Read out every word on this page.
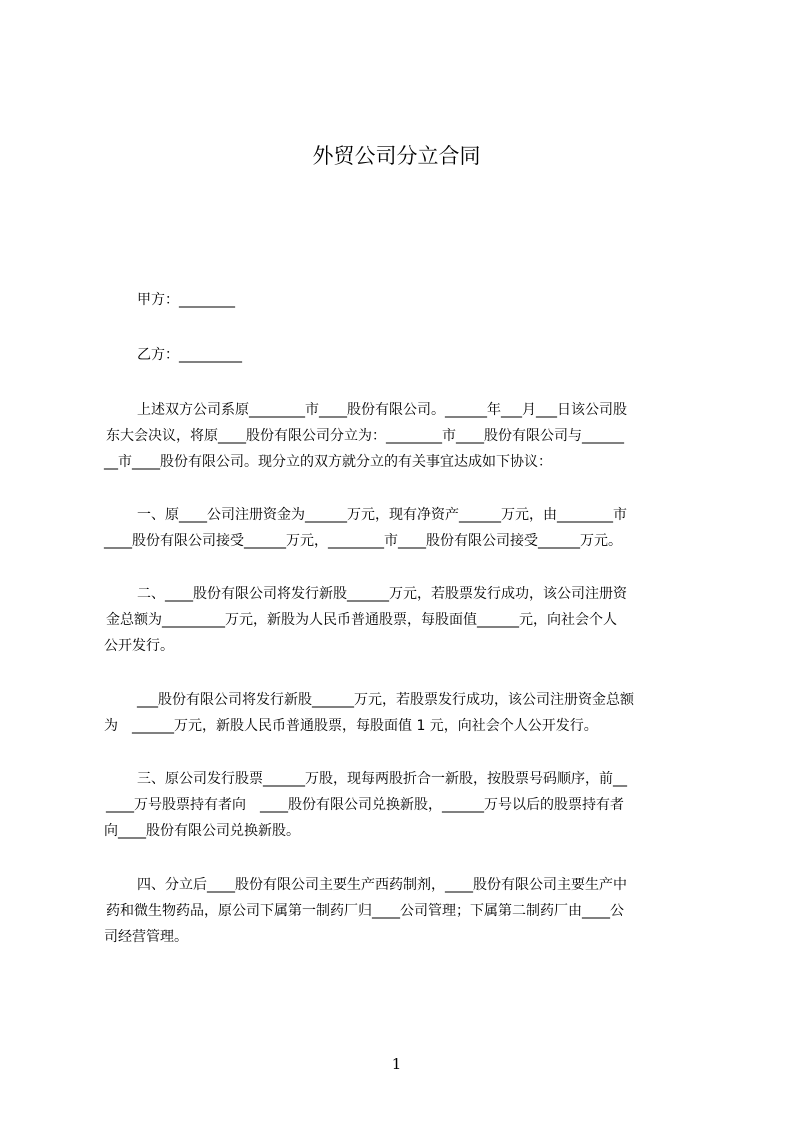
外贸公司分立合同
甲方：________
乙方：_________
上述双方公司系原________市____股份有限公司。______年___月___日该公司股
东大会决议，将原____股份有限公司分立为：________市____股份有限公司与______
__市____股份有限公司。现分立的双方就分立的有关事宜达成如下协议：
一、原____公司注册资金为______万元，现有净资产______万元，由________市
____股份有限公司接受______万元，________市____股份有限公司接受______万元。
二、____股份有限公司将发行新股______万元，若股票发行成功，该公司注册资
金总额为_________万元，新股为人民币普通股票，每股面值______元，向社会个人
公开发行。
___股份有限公司将发行新股______万元，若股票发行成功，该公司注册资金总额
为　______万元，新股人民币普通股票，每股面值 1 元，向社会个人公开发行。
三、原公司发行股票______万股，现每两股折合一新股，按股票号码顺序，前__
____万号股票持有者向　____股份有限公司兑换新股，______万号以后的股票持有者
向____股份有限公司兑换新股。
四、分立后____股份有限公司主要生产西药制剂，____股份有限公司主要生产中
药和微生物药品，原公司下属第一制药厂归____公司管理；下属第二制药厂由____公
司经营管理。
1
